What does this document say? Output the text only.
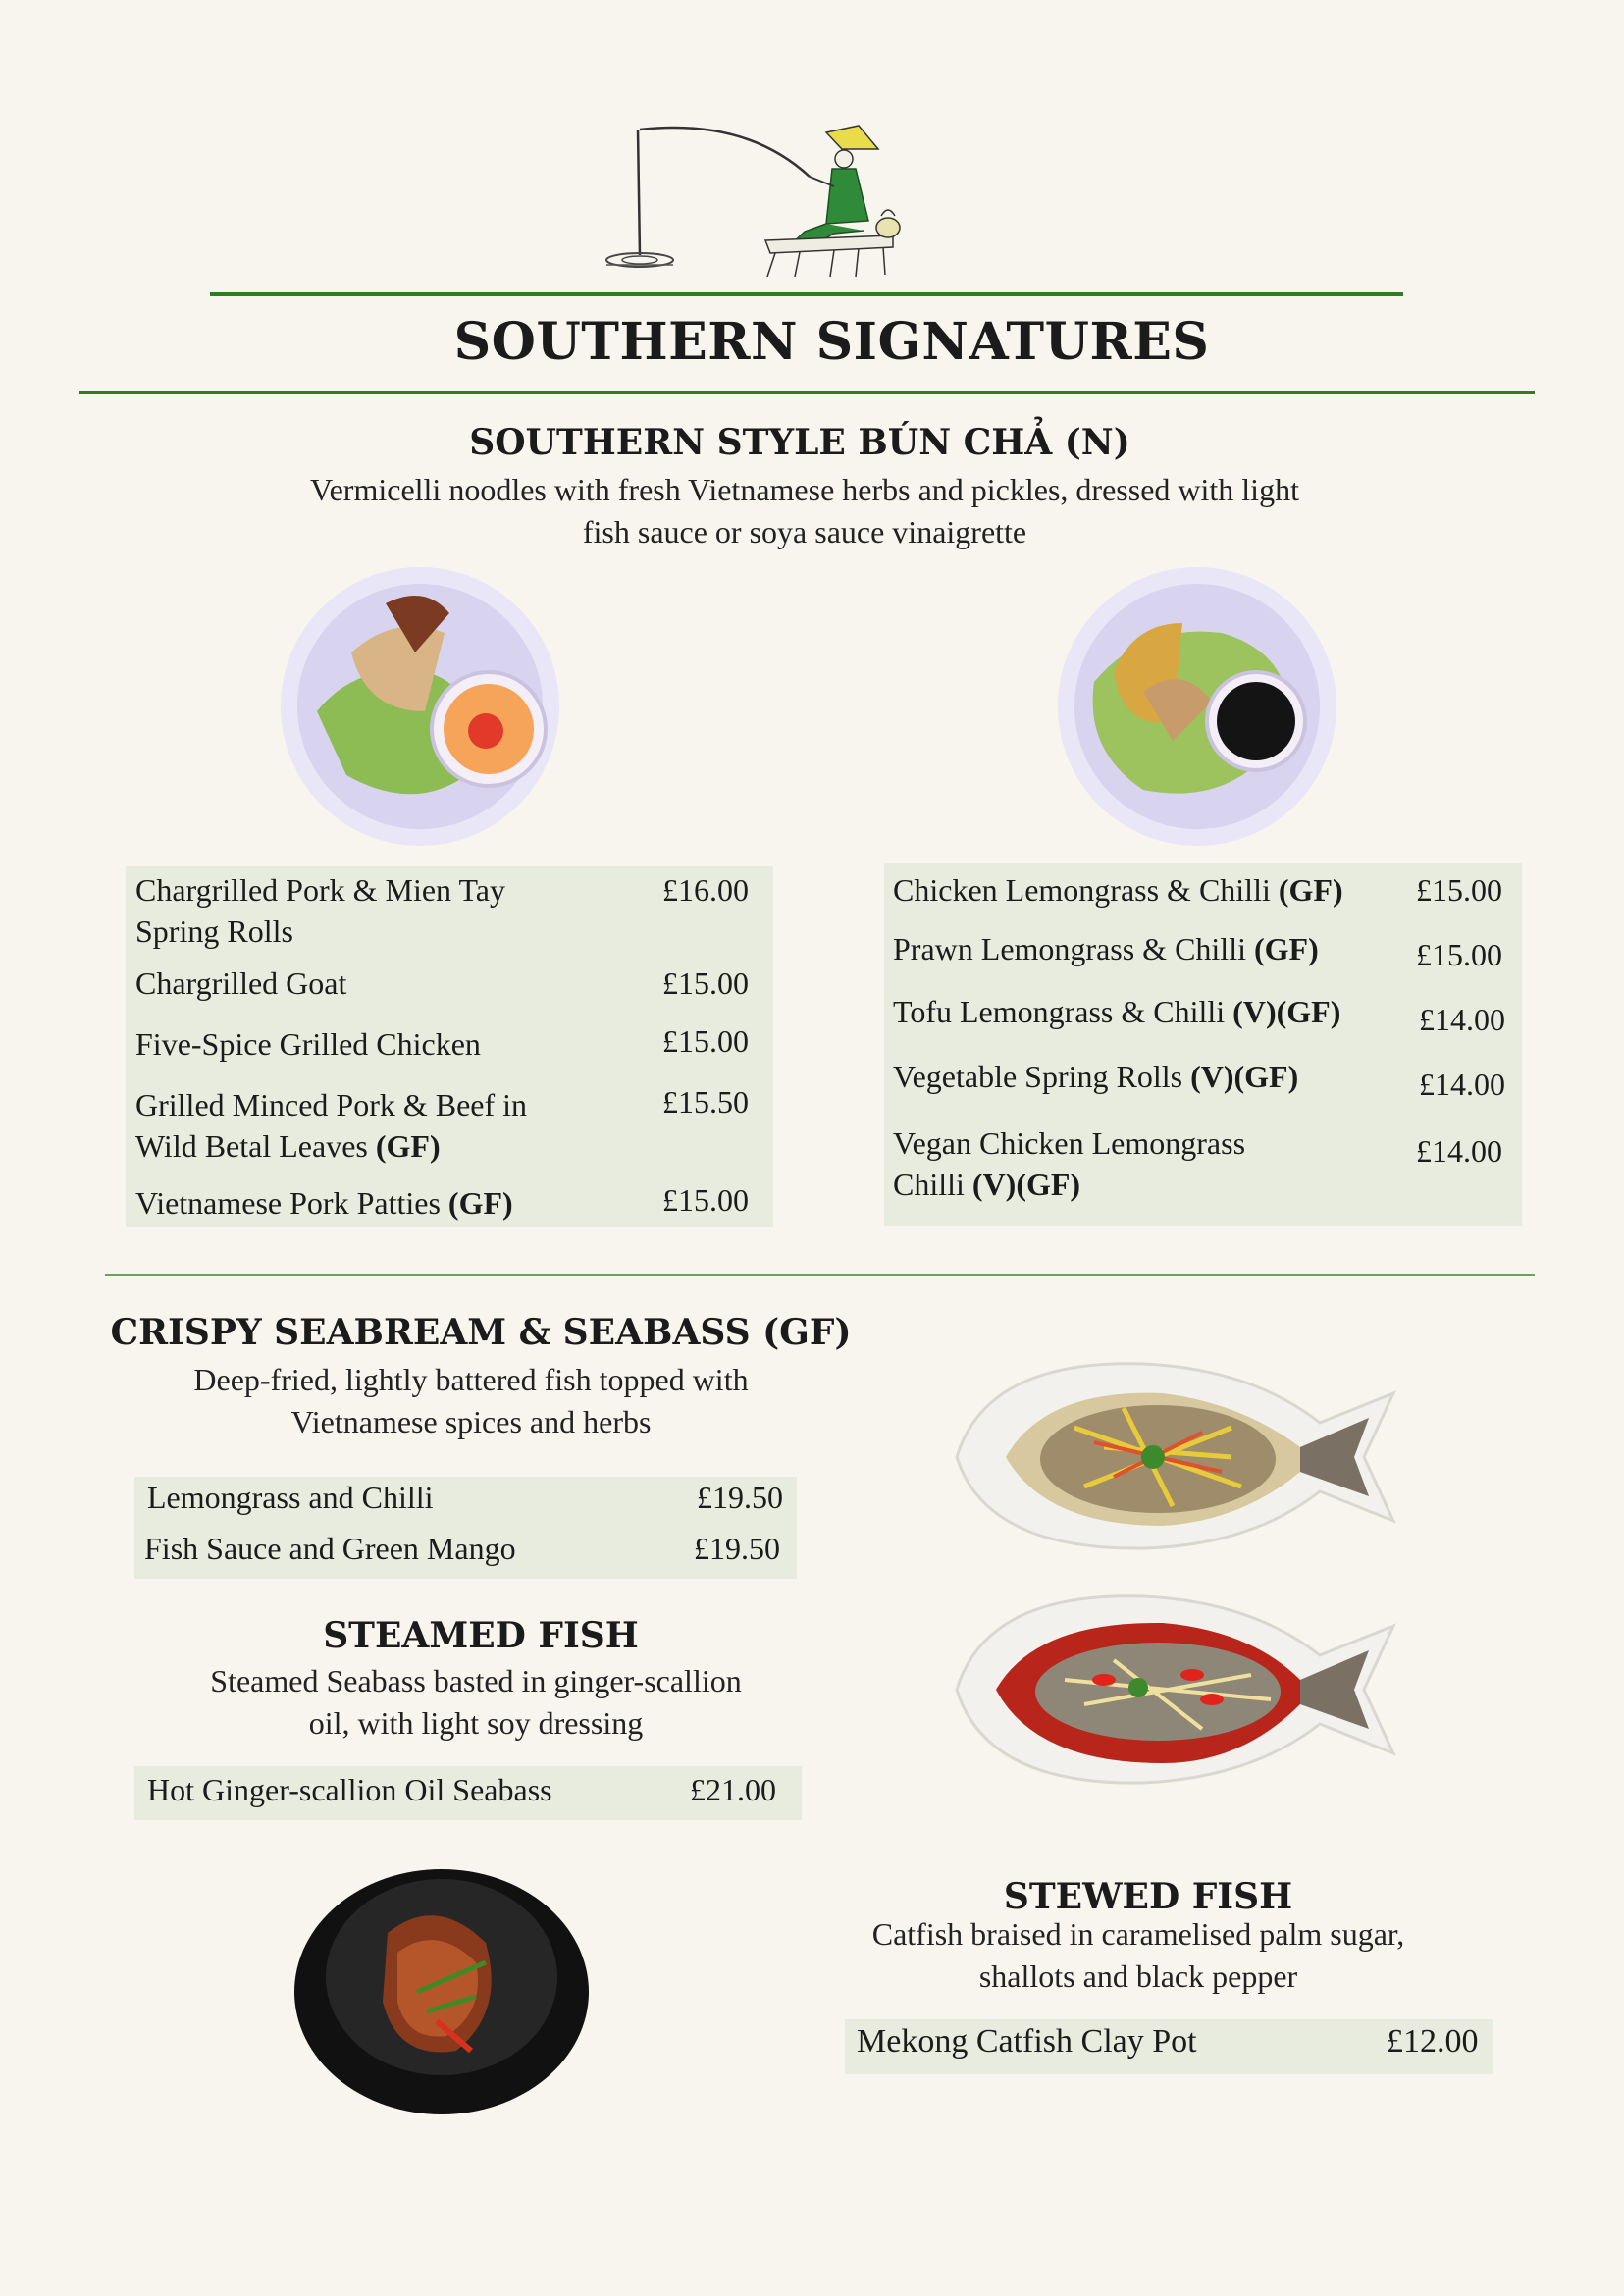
SOUTHERN SIGNATURES
SOUTHERN STYLE BÚN CHẢ (N)
Vermicelli noodles with fresh Vietnamese herbs and pickles, dressed with light
fish sauce or soya sauce vinaigrette
Chargrilled Pork & Mien Tay
Spring Rolls
£16.00
Chargrilled Goat	£15.00
Five-Spice Grilled Chicken	£15.00
Grilled Minced Pork & Beef in
Wild Betal Leaves (GF)
£15.50
Vietnamese Pork Patties (GF)	£15.00
Chicken Lemongrass & Chilli (GF) £15.00
Prawn Lemongrass & Chilli (GF)	£15.00
Tofu Lemongrass & Chilli (V)(GF) £14.00
Vegetable Spring Rolls (V)(GF)	£14.00
Vegan Chicken Lemongrass
Chilli (V)(GF)
£14.00
CRISPY SEABREAM & SEABASS (GF)
Deep-fried, lightly battered fish topped with
Vietnamese spices and herbs
Lemongrass and Chilli	£19.50
Fish Sauce and Green Mango	£19.50
STEAMED FISH
Steamed Seabass basted in ginger-scallion
oil, with light soy dressing
Hot Ginger-scallion Oil Seabass	£21.00
STEWED FISH
Catfish braised in caramelised palm sugar,
shallots and black pepper
Mekong Catfish Clay Pot	£12.00
